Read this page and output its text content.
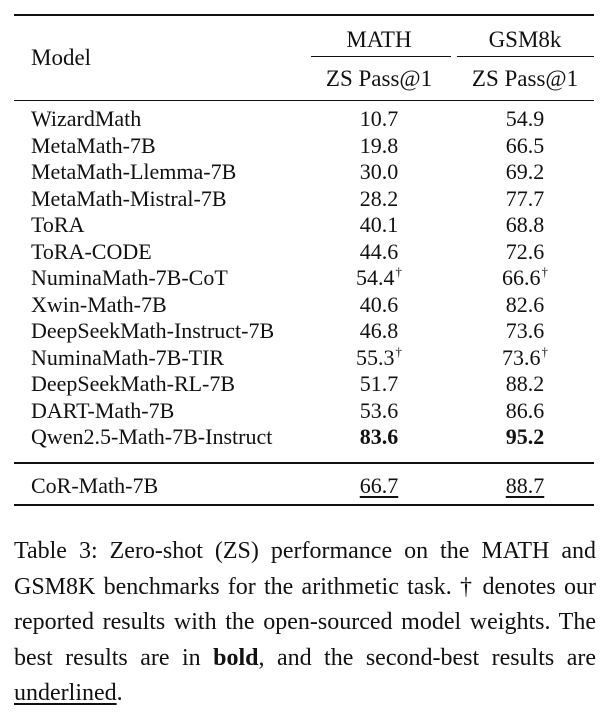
Model
MATH	GSM8k
ZS Pass@1	ZS Pass@1
WizardMath	10.7	54.9
MetaMath-7B	19.8	66.5
MetaMath-Llemma-7B	30.0	69.2
MetaMath-Mistral-7B	28.2	77.7
ToRA	40.1	68.8
ToRA-CODE	44.6	72.6
NuminaMath-7B-CoT	54.4†	66.6†
Xwin-Math-7B	40.6	82.6
DeepSeekMath-Instruct-7B	46.8	73.6
NuminaMath-7B-TIR	55.3†	73.6†
DeepSeekMath-RL-7B	51.7	88.2
DART-Math-7B	53.6	86.6
Qwen2.5-Math-7B-Instruct	83.6	95.2
CoR-Math-7B	66.7	88.7
Table 3: Zero-shot (ZS) performance on the MATH and GSM8K benchmarks for the arithmetic task. † denotes our reported results with the open-sourced model weights. The best results are in bold, and the second-best results are underlined.
